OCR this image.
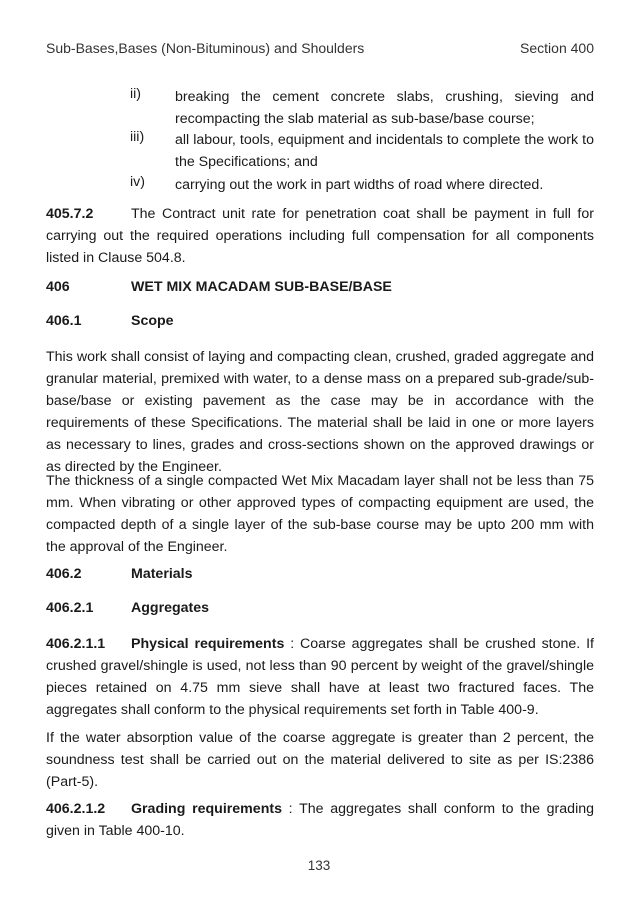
Sub-Bases,Bases (Non-Bituminous) and Shoulders	Section 400
ii) breaking the cement concrete slabs, crushing, sieving and
recompacting the slab material as sub-base/base course;
iii) all labour, tools, equipment and incidentals to complete the work to
the Specifications; and
iv) carrying out the work in part widths of road where directed.
405.7.2	The Contract unit rate for penetration coat shall be payment in full for carrying out the required operations including full compensation for all components listed in Clause 504.8.
406	WET MIX MACADAM SUB-BASE/BASE
406.1	Scope
This work shall consist of laying and compacting clean, crushed, graded aggregate and granular material, premixed with water, to a dense mass on a prepared sub-grade/sub-base/base or existing pavement as the case may be in accordance with the requirements of these Specifications. The material shall be laid in one or more layers as necessary to lines, grades and cross-sections shown on the approved drawings or as directed by the Engineer.
The thickness of a single compacted Wet Mix Macadam layer shall not be less than 75 mm. When vibrating or other approved types of compacting equipment are used, the compacted depth of a single layer of the sub-base course may be upto 200 mm with the approval of the Engineer.
406.2	Materials
406.2.1	Aggregates
406.2.1.1 Physical requirements : Coarse aggregates shall be crushed stone. If crushed gravel/shingle is used, not less than 90 percent by weight of the gravel/shingle pieces retained on 4.75 mm sieve shall have at least two fractured faces. The aggregates shall conform to the physical requirements set forth in Table 400-9.
If the water absorption value of the coarse aggregate is greater than 2 percent, the soundness test shall be carried out on the material delivered to site as per IS:2386 (Part-5).
406.2.1.2 Grading requirements : The aggregates shall conform to the grading given in Table 400-10.
133
